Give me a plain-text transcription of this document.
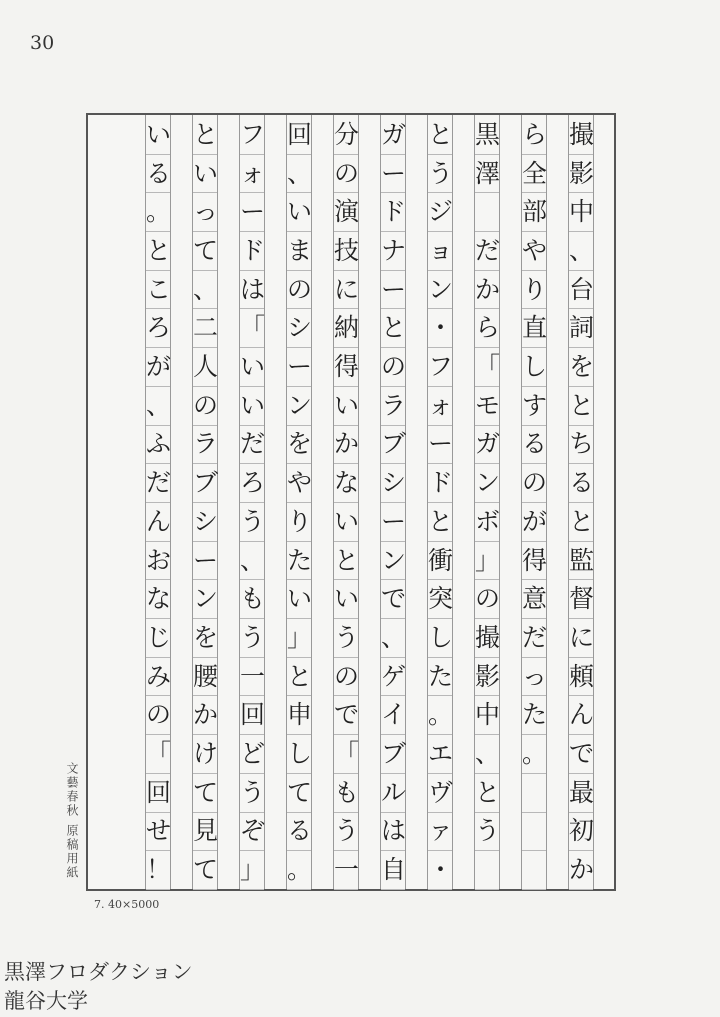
30
撮
影
中
、
台
詞
を
と
ち
る
と
監
督
に
頼
ん
で
最
初
か
ら
全
部
や
り
直
し
す
る
の
が
得
意
だ
っ
た
。
黒
澤

だ
か
ら
「
モ
ガ
ン
ボ
」
の
撮
影
中
、
と
う
と
う
ジ
ョ
ン
・
フ
ォ
ー
ド
と
衝
突
し
た
。
エ
ヴ
ァ
・
ガ
ー
ド
ナ
ー
と
の
ラ
ブ
シ
ー
ン
で
、
ゲ
イ
ブ
ル
は
自
分
の
演
技
に
納
得
い
か
な
い
と
い
う
の
で
「
も
う
一
回
、
い
ま
の
シ
ー
ン
を
や
り
た
い
」
と
申
し
て
る
。
フ
ォ
ー
ド
は
「
い
い
だ
ろ
う
、
も
う
一
回
ど
う
ぞ
」
と
い
っ
て
、
二
人
の
ラ
ブ
シ
ー
ン
を
腰
か
け
て
見
て
い
る
。
と
こ
ろ
が
、
ふ
だ
ん
お
な
じ
み
の
「
回
せ
！
文藝春秋 原稿用紙
7. 40×5000
黒澤フロダクション
龍谷大学
